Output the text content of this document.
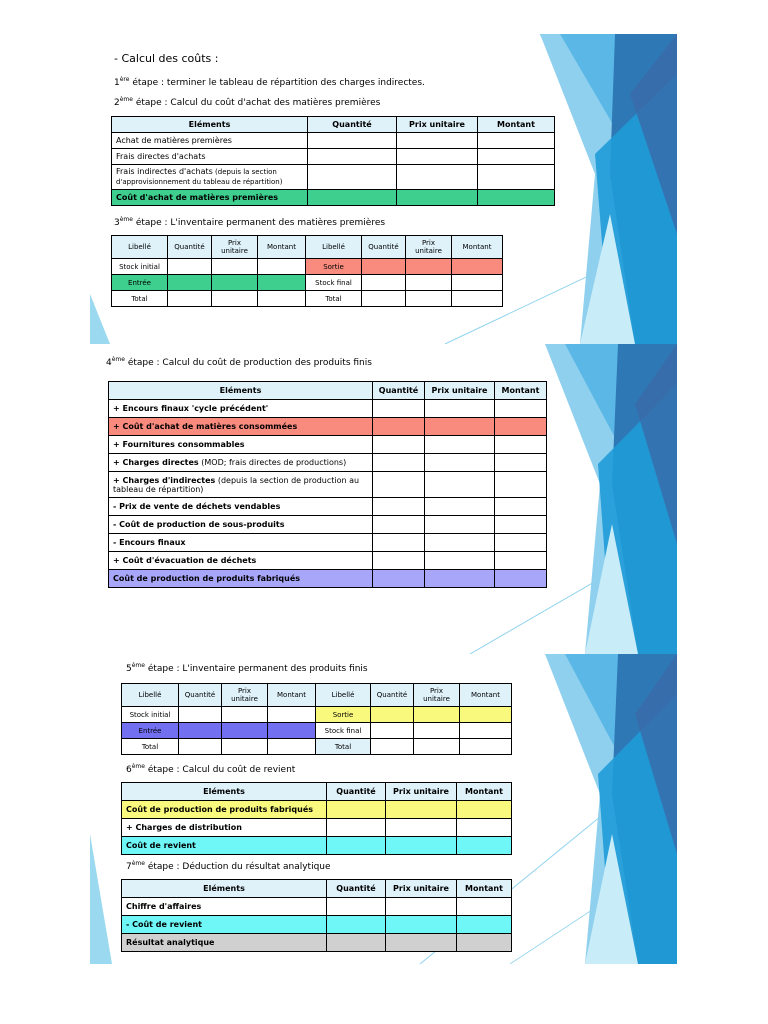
- Calcul des coûts :
1ère étape : terminer le tableau de répartition des charges indirectes.
2ème étape : Calcul du coût d'achat des matières premières
Eléments	Quantité	Prix unitaire	Montant
Achat de matières premières			
Frais directes d'achats			
Frais indirectes d'achats (depuis la section d'approvisionnement du tableau de répartition)			
Coût d'achat de matières premières			
3ème étape : L'inventaire permanent des matières premières
Libellé	Quantité	Prix unitaire	Montant	Libellé	Quantité	Prix unitaire	Montant
Stock initial				Sortie			
Entrée				Stock final			
Total				Total			
4ème étape : Calcul du coût de production des produits finis
Eléments	Quantité	Prix unitaire	Montant
+ Encours finaux 'cycle précédent'			
+ Coût d'achat de matières consommées			
+ Fournitures consommables			
+ Charges directes (MOD; frais directes de productions)			
+ Charges d'indirectes (depuis la section de production au tableau de répartition)			
- Prix de vente de déchets vendables			
- Coût de production de sous-produits			
- Encours finaux			
+ Coût d'évacuation de déchets			
Coût de production de produits fabriqués			
5ème étape : L'inventaire permanent des produits finis
Libellé	Quantité	Prix unitaire	Montant	Libellé	Quantité	Prix unitaire	Montant
Stock initial				Sortie			
Entrée				Stock final			
Total				Total			
6ème étape : Calcul du coût de revient
Eléments	Quantité	Prix unitaire	Montant
Coût de production de produits fabriqués			
+ Charges de distribution			
Coût de revient			
7ème étape : Déduction du résultat analytique
Eléments	Quantité	Prix unitaire	Montant
Chiffre d'affaires			
- Coût de revient			
Résultat analytique			
